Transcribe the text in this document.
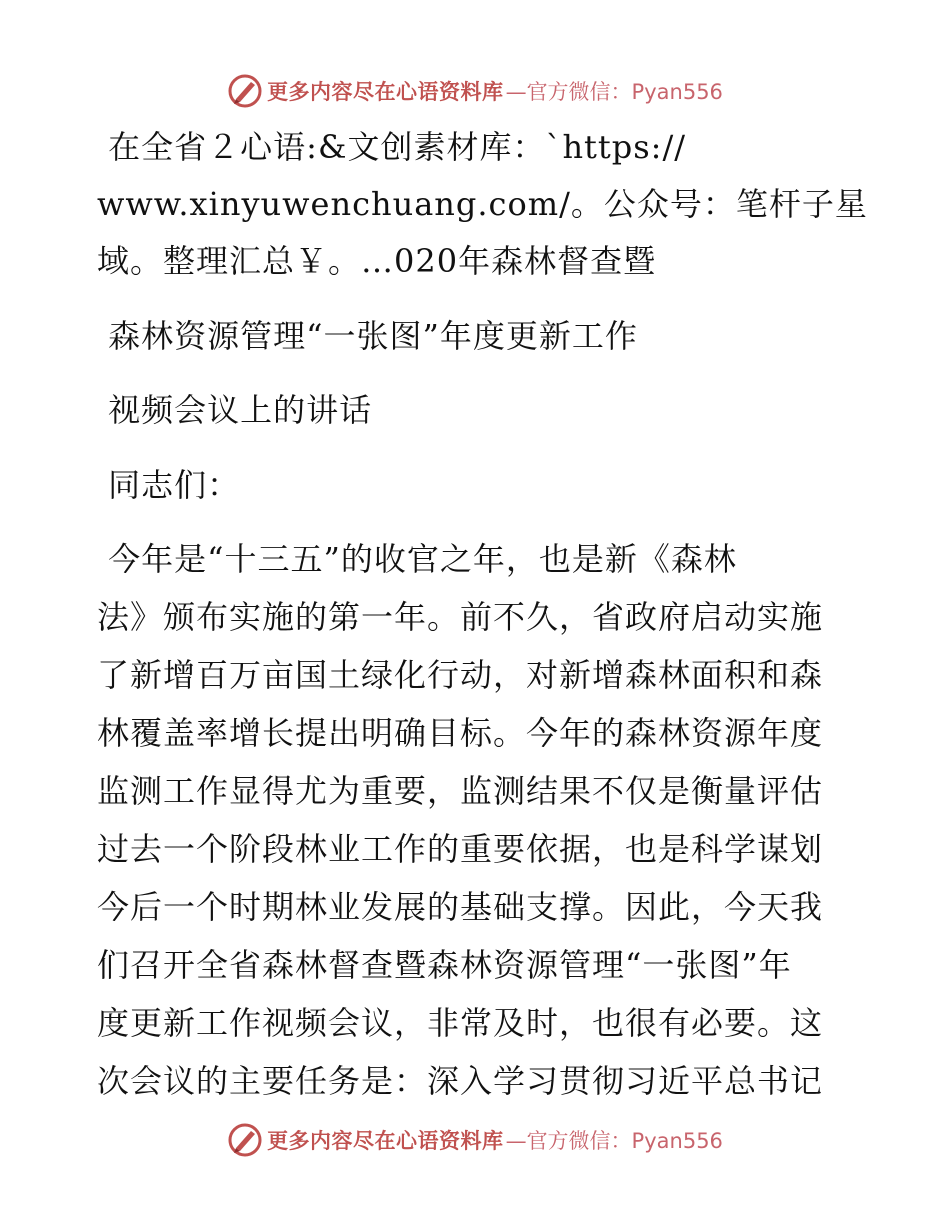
更多内容尽在心语资料库 —官方微信：Pyan556
在全省２心语:&文创素材库：`https://
www.xinyuwenchuang.com/。公众号：笔杆子星
域。整理汇总￥。…020年森林督查暨
森林资源管理“一张图”年度更新工作
视频会议上的讲话
同志们：
今年是“十三五”的收官之年，也是新《森林
法》颁布实施的第一年。前不久，省政府启动实施
了新增百万亩国土绿化行动，对新增森林面积和森
林覆盖率增长提出明确目标。今年的森林资源年度
监测工作显得尤为重要，监测结果不仅是衡量评估
过去一个阶段林业工作的重要依据，也是科学谋划
今后一个时期林业发展的基础支撑。因此，今天我
们召开全省森林督查暨森林资源管理“一张图”年
度更新工作视频会议，非常及时，也很有必要。这
次会议的主要任务是：深入学习贯彻习近平总书记
更多内容尽在心语资料库 —官方微信：Pyan556
